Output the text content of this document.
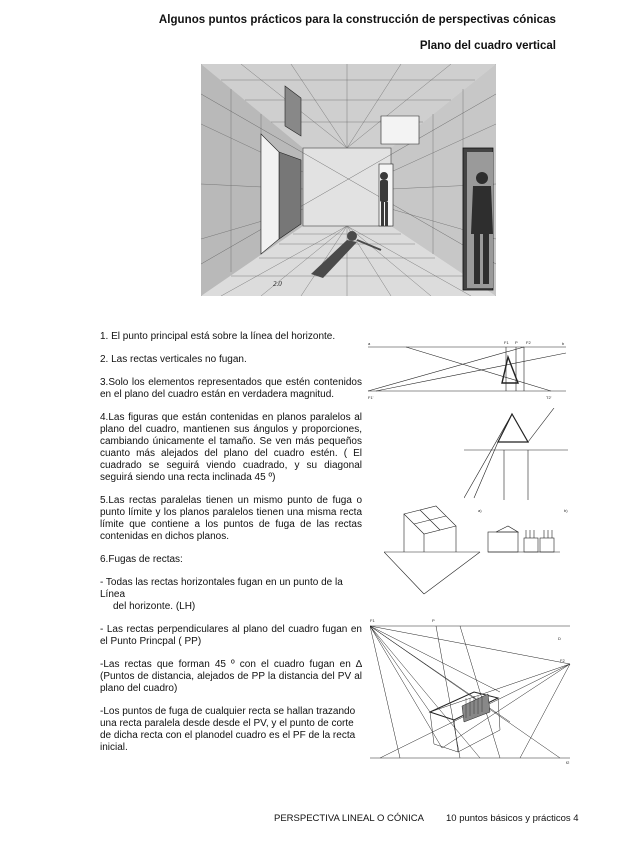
Algunos puntos prácticos para la construcción de perspectivas cónicas
Plano del cuadro vertical
2.0

1. El punto principal está sobre la línea del horizonte.

2. Las rectas verticales no fugan.

3.Solo los elementos representados que estén contenidos en el plano del cuadro están en verdadera magnitud.

4.Las figuras que están contenidas en planos paralelos al plano del cuadro, mantienen sus ángulos y proporciones, cambiando únicamente el tamaño. Se ven más pequeños cuanto más alejados del plano del cuadro estén. ( El cuadrado se seguirá viendo cuadrado, y su diagonal seguirá siendo una recta inclinada 45 º)

5.Las rectas paralelas tienen un mismo punto de fuga o punto límite y los planos paralelos tienen una misma recta límite que contiene a los puntos de fuga de las rectas contenidas en dichos planos.

6.Fugas de rectas:

- Todas las rectas horizontales fugan en un punto de la Línea

del horizonte. (LH)

- Las rectas perpendiculares al plano del cuadro fugan en el Punto Princpal ( PP)

-Las rectas que forman 45 º con el cuadro fugan en ∆ (Puntos de distancia, alejados de PP la distancia del PV al plano del cuadro)

-Los puntos de fuga de cualquier recta se hallan trazando una recta paralela desde desde el PV, y el punto de corte de dicha recta con el planodel cuadro es el PF de la recta inicial.

a	F1 P F2	b
F1'	T2'
a)	b)
F1	P
F2
D
f2
PERSPECTIVA LINEAL O CÓNICA 10 puntos básicos y prácticos 4
